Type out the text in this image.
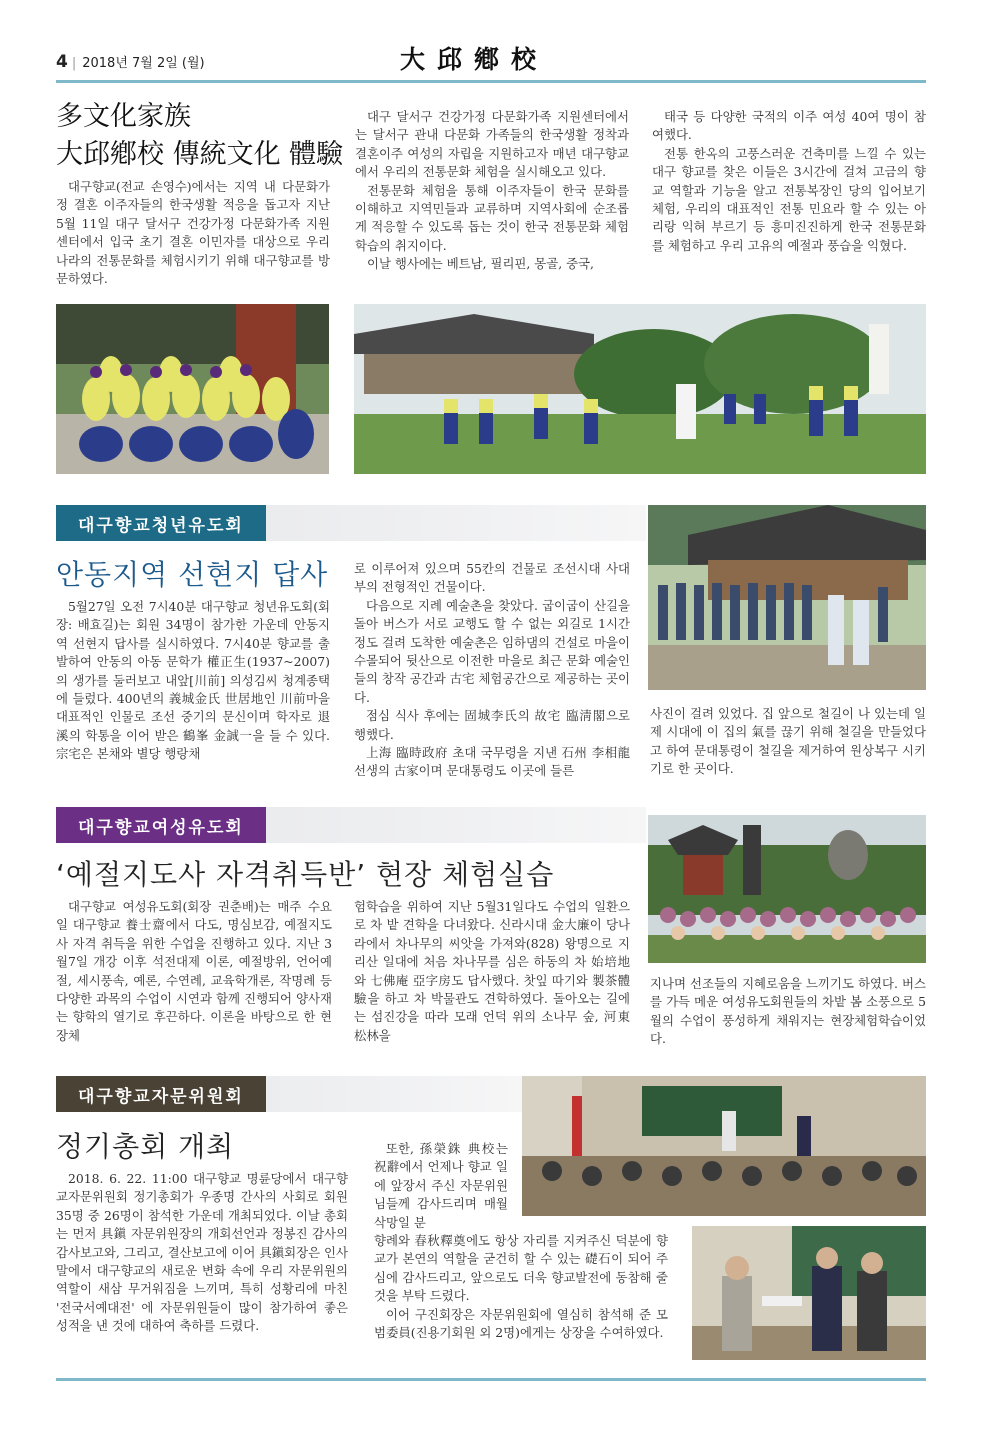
4 | 2018년 7월 2일 (월)	大邱鄕校
多文化家族
大邱鄕校 傳統文化 體驗

대구향교(전교 손영수)에서는 지역 내 다문화가정 결혼 이주자들의 한국생활 적응을 돕고자 지난 5월 11일 대구 달서구 건강가정 다문화가족 지원센터에서 입국 초기 결혼 이민자를 대상으로 우리나라의 전통문화를 체험시키기 위해 대구향교를 방문하였다.

대구 달서구 건강가정 다문화가족 지원센터에서는 달서구 관내 다문화 가족들의 한국생활 정착과 결혼이주 여성의 자립을 지원하고자 매년 대구향교에서 우리의 전통문화 체험을 실시해오고 있다.

전통문화 체험을 통해 이주자들이 한국 문화를 이해하고 지역민들과 교류하며 지역사회에 순조롭게 적응할 수 있도록 돕는 것이 한국 전통문화 체험학습의 취지이다.

이날 행사에는 베트남, 필리핀, 몽골, 중국,

태국 등 다양한 국적의 이주 여성 40여 명이 참여했다.

전통 한옥의 고풍스러운 건축미를 느낄 수 있는 대구 향교를 찾은 이들은 3시간에 걸쳐 고금의 향교 역할과 기능을 알고 전통복장인 당의 입어보기 체험, 우리의 대표적인 전통 민요라 할 수 있는 아리랑 익혀 부르기 등 흥미진진하게 한국 전통문화를 체험하고 우리 고유의 예절과 풍습을 익혔다.

대구향교청년유도회
안동지역 선현지 답사

5월27일 오전 7시40분 대구향교 청년유도회(회장: 배효길)는 회원 34명이 참가한 가운데 안동지역 선현지 답사를 실시하였다. 7시40분 향교를 출발하여 안동의 아동 문학가 權正生(1937~2007)의 생가를 둘러보고 내앞[川前] 의성김씨 청계종택에 들렀다. 400년의 義城金氏 世居地인 川前마을 대표적인 인물로 조선 중기의 문신이며 학자로 退溪의 학통을 이어 받은 鶴峯 金誠一을 들 수 있다. 宗宅은 본채와 별당 행랑채

로 이루어져 있으며 55칸의 건물로 조선시대 사대부의 전형적인 건물이다.

다음으로 지례 예술촌을 찾았다. 굽이굽이 산길을 돌아 버스가 서로 교행도 할 수 없는 외길로 1시간 정도 걸려 도착한 예술촌은 임하댐의 건설로 마을이 수몰되어 뒷산으로 이전한 마을로 최근 문화 예술인들의 창작 공간과 古宅 체험공간으로 제공하는 곳이다.

점심 식사 후에는 固城李氏의 故宅 臨淸閣으로 행했다.

上海 臨時政府 초대 국무령을 지낸 石州 李相龍선생의 古家이며 문대통령도 이곳에 들른

사진이 걸려 있었다. 집 앞으로 철길이 나 있는데 일제 시대에 이 집의 氣를 끊기 위해 철길을 만들었다고 하여 문대통령이 철길을 제거하여 원상복구 시키기로 한 곳이다.

대구향교여성유도회
‘예절지도사 자격취득반’ 현장 체험실습

대구향교 여성유도회(회장 권춘배)는 매주 수요일 대구향교 養士齋에서 다도, 명심보감, 예절지도사 자격 취득을 위한 수업을 진행하고 있다. 지난 3월7일 개강 이후 석전대제 이론, 예절방위, 언어예절, 세시풍속, 예론, 수연례, 교육학개론, 작명례 등 다양한 과목의 수업이 시연과 함께 진행되어 양사재는 향학의 열기로 후끈하다. 이론을 바탕으로 한 현장체

험학습을 위하여 지난 5월31일다도 수업의 일환으로 차 밭 견학을 다녀왔다. 신라시대 金大廉이 당나라에서 차나무의 씨앗을 가져와(828) 왕명으로 지리산 일대에 처음 차나무를 심은 하동의 차 始培地와 七佛庵 亞字房도 답사했다. 찻잎 따기와 製茶體驗을 하고 차 박물관도 견학하였다. 돌아오는 길에는 섬진강을 따라 모래 언덕 위의 소나무 숲, 河東 松林을

지나며 선조들의 지혜로움을 느끼기도 하였다. 버스를 가득 메운 여성유도회원들의 차밭 봄 소풍으로 5월의 수업이 풍성하게 채워지는 현장체험학습이었다.

대구향교자문위원회
정기총회 개최

2018. 6. 22. 11:00 대구향교 명륜당에서 대구향교자문위원회 정기총회가 우종명 간사의 사회로 회원35명 중 26명이 참석한 가운데 개최되었다. 이날 총회는 먼저 具鎭 자문위원장의 개회선언과 정봉진 감사의 감사보고와, 그리고, 결산보고에 이어 具鎭회장은 인사말에서 대구향교의 새로운 변화 속에 우리 자문위원의 역할이 새삼 무거워짐을 느끼며, 특히 성황리에 마친 '전국서예대전' 에 자문위원들이 많이 참가하여 좋은 성적을 낸 것에 대하여 축하를 드렸다.

또한, 孫榮銖 典校는 祝辭에서 언제나 향교 일에 앞장서 주신 자문위원님들께 감사드리며 매월 삭망일 분

향례와 春秋釋奠에도 항상 자리를 지켜주신 덕분에 향교가 본연의 역할을 굳건히 할 수 있는 礎石이 되어 주심에 감사드리고, 앞으로도 더욱 향교발전에 동참해 줄 것을 부탁 드렸다.

이어 구진회장은 자문위원회에 열심히 참석해 준 모범委員(진용기회원 외 2명)에게는 상장을 수여하였다.
